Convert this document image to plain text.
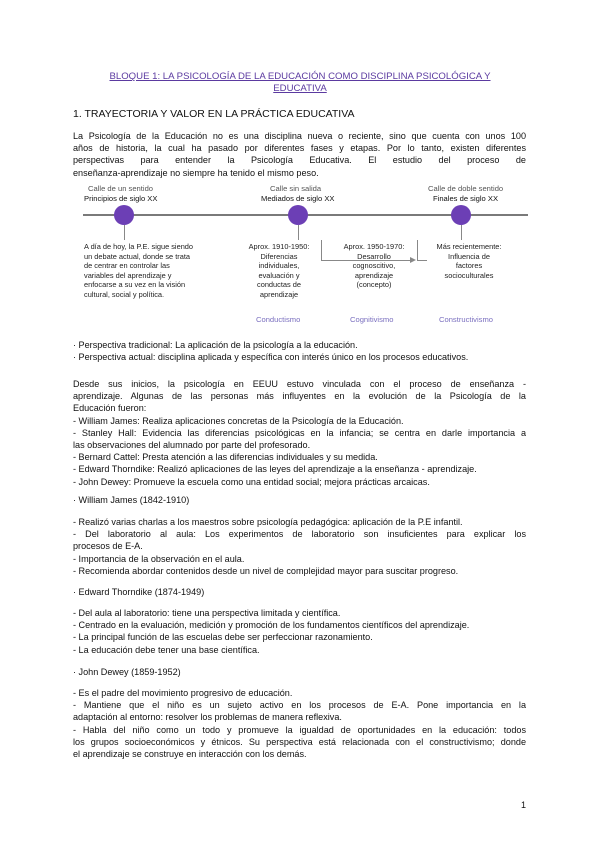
BLOQUE 1: LA PSICOLOGÍA DE LA EDUCACIÓN COMO DISCIPLINA PSICOLÓGICA Y
EDUCATIVA
1. TRAYECTORIA Y VALOR EN LA PRÁCTICA EDUCATIVA
La Psicología de la Educación no es una disciplina nueva o reciente, sino que cuenta con unos 100
años de historia, la cual ha pasado por diferentes fases y etapas. Por lo tanto, existen diferentes
perspectivas para entender la Psicología Educativa. El estudio del proceso de
enseñanza-aprendizaje no siempre ha tenido el mismo peso.
Calle de un sentido
Principios de siglo XX
Calle sin salida
Mediados de siglo XX
Calle de doble sentido
Finales de siglo XX
A día de hoy, la P.E. sigue siendo
un debate actual, donde se trata
de centrar en controlar las
variables del aprendizaje y
enfocarse a su vez en la visión
cultural, social y política.
Aprox. 1910-1950:
Diferencias
individuales,
evaluación y
conductas de
aprendizaje
Aprox. 1950-1970:
Desarrollo
cognoscitivo,
aprendizaje
(concepto)
Más recientemente:
Influencia de
factores
socioculturales
Conductismo	Cognitivismo	Constructivismo
· Perspectiva tradicional: La aplicación de la psicología a la educación.
· Perspectiva actual: disciplina aplicada y específica con interés único en los procesos educativos.
Desde sus inicios, la psicología en EEUU estuvo vinculada con el proceso de enseñanza -
aprendizaje. Algunas de las personas más influyentes en la evolución de la Psicología de la
Educación fueron:
- William James: Realiza aplicaciones concretas de la Psicología de la Educación.
- Stanley Hall: Evidencia las diferencias psicológicas en la infancia; se centra en darle importancia a
las observaciones del alumnado por parte del profesorado.
- Bernard Cattel: Presta atención a las diferencias individuales y su medida.
- Edward Thorndike: Realizó aplicaciones de las leyes del aprendizaje a la enseñanza - aprendizaje.
- John Dewey: Promueve la escuela como una entidad social; mejora prácticas arcaicas.
· William James (1842-1910)
- Realizó varias charlas a los maestros sobre psicología pedagógica: aplicación de la P.E infantil.
- Del laboratorio al aula: Los experimentos de laboratorio son insuficientes para explicar los
procesos de E-A.
- Importancia de la observación en el aula.
- Recomienda abordar contenidos desde un nivel de complejidad mayor para suscitar progreso.
· Edward Thorndike (1874-1949)
- Del aula al laboratorio: tiene una perspectiva limitada y científica.
- Centrado en la evaluación, medición y promoción de los fundamentos científicos del aprendizaje.
- La principal función de las escuelas debe ser perfeccionar razonamiento.
- La educación debe tener una base científica.
· John Dewey (1859-1952)
- Es el padre del movimiento progresivo de educación.
- Mantiene que el niño es un sujeto activo en los procesos de E-A. Pone importancia en la
adaptación al entorno: resolver los problemas de manera reflexiva.
- Habla del niño como un todo y promueve la igualdad de oportunidades en la educación: todos
los grupos socioeconómicos y étnicos. Su perspectiva está relacionada con el constructivismo; donde
el aprendizaje se construye en interacción con los demás.
1
